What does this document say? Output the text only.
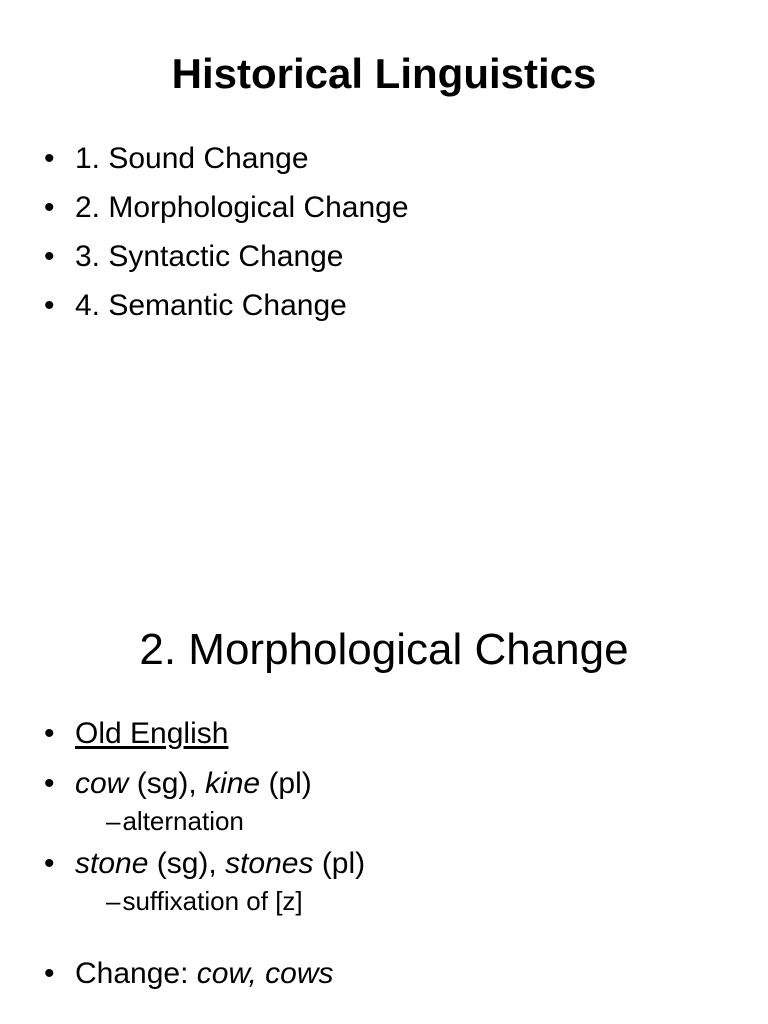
Historical Linguistics
• 1. Sound Change
• 2. Morphological Change
• 3. Syntactic Change
• 4. Semantic Change
2. Morphological Change
• Old English
• cow (sg), kine (pl)
–alternation
• stone (sg), stones (pl)
–suffixation of [z]
• Change: cow, cows
